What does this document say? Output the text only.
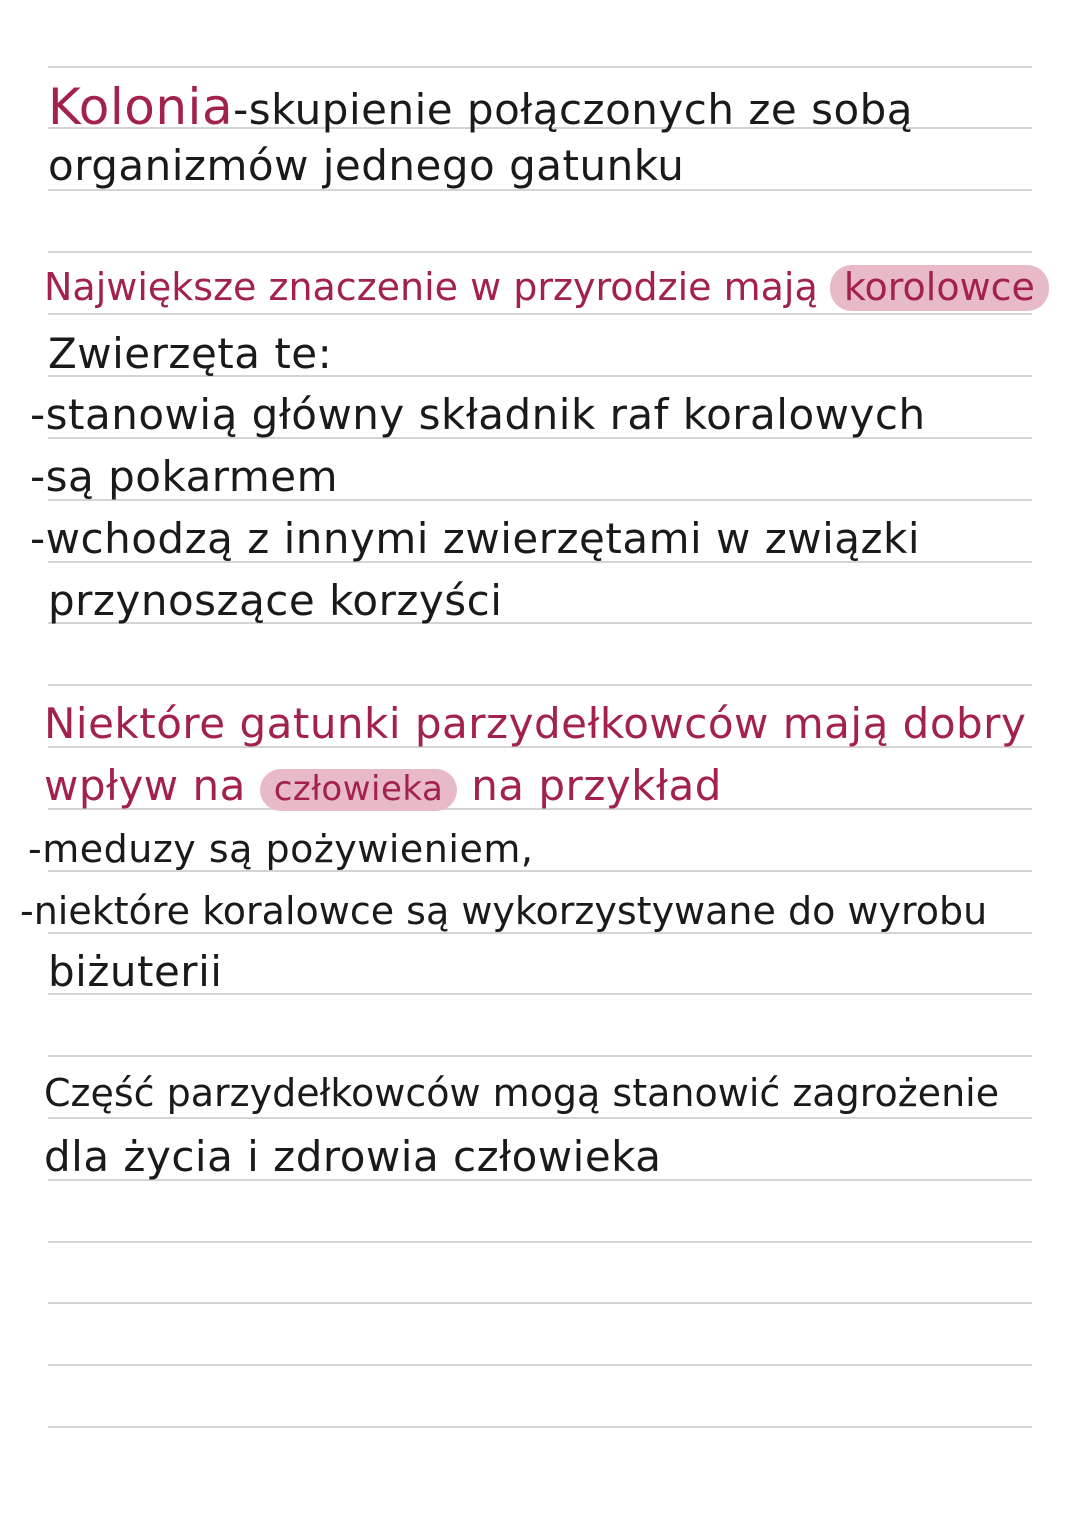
Kolonia-skupienie połączonych ze sobą
organizmów jednego gatunku
Największe znaczenie w przyrodzie mają korolowce
Zwierzęta te:
-stanowią główny składnik raf koralowych
-są pokarmem
-wchodzą z innymi zwierzętami w związki
przynoszące korzyści
Niektóre gatunki parzydełkowców mają dobry
wpływ na człowieka na przykład
-meduzy są pożywieniem,
-niektóre koralowce są wykorzystywane do wyrobu
biżuterii
Część parzydełkowców mogą stanowić zagrożenie
dla życia i zdrowia człowieka
